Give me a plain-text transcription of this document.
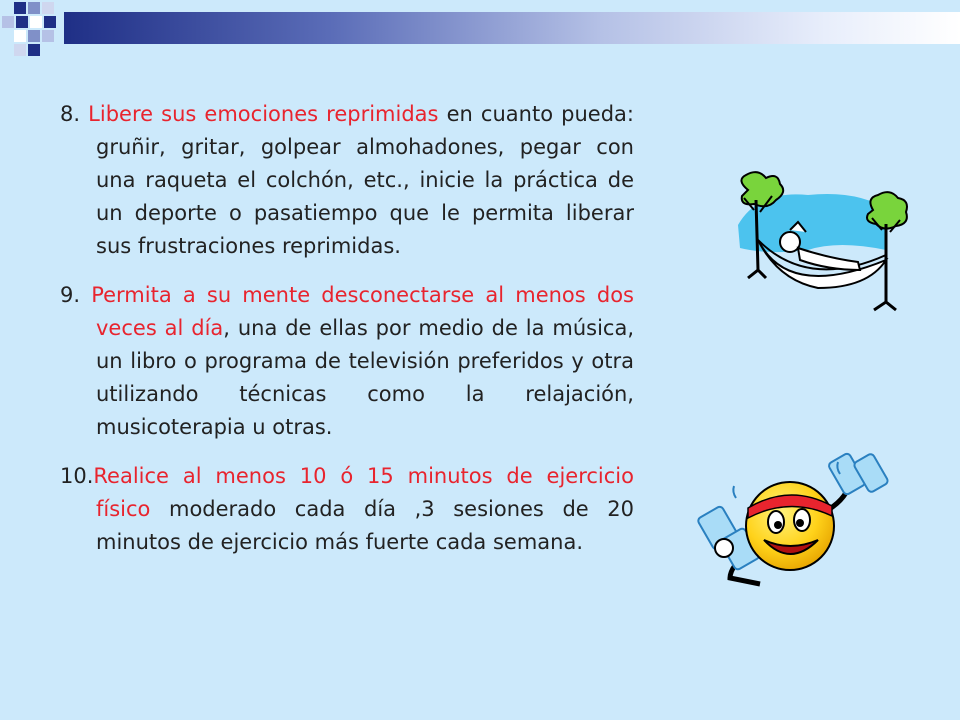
8. Libere sus emociones reprimidas en cuanto pueda: gruñir, gritar, golpear almohadones, pegar con una raqueta el colchón, etc., inicie la práctica de un deporte o pasatiempo que le permita liberar sus frustraciones reprimidas.

9. Permita a su mente desconectarse al menos dos veces al día, una de ellas por medio de la música, un libro o programa de televisión preferidos y otra utilizando técnicas como la relajación, musicoterapia u otras.

10.Realice al menos 10 ó 15 minutos de ejercicio físico moderado cada día ,3 sesiones de 20 minutos de ejercicio más fuerte cada semana.
